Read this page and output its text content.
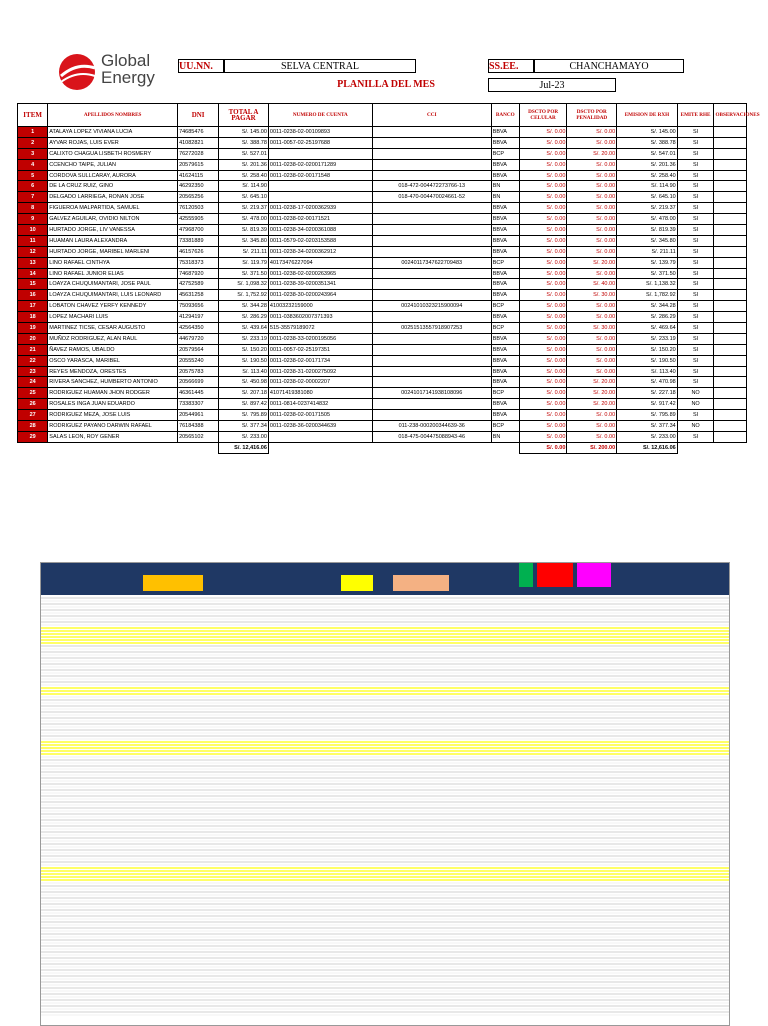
Global
Energy
UU.NN.	SELVA CENTRAL	SS.EE.	CHANCHAMAYO
PLANILLA DEL MES	Jul-23
ITEM	APELLIDOS NOMBRES	DNI	TOTAL A PAGAR	NUMERO DE CUENTA	CCI	BANCO	DSCTO POR CELULAR	DSCTO POR PENALIDAD	EMISION DE RXH	EMITE RHE	OBSERVACIONES
1	ATALAYA LOPEZ VIVIANA LUCIA	74685476	S/. 145.00	0011-0238-02-00109893		BBVA	S/. 0.00	S/. 0.00	S/. 145.00	SI	
2	AYVAR ROJAS, LUIS EVER	41082821	S/. 388.78	0011-0057-02-25197688		BBVA	S/. 0.00	S/. 0.00	S/. 388.78	SI	
3	CALIXTO CHAGUA LISBETH ROSMERY	76272028	S/. 527.01			BCP	S/. 0.00	S/. 20.00	S/. 547.01	SI	
4	CCENCHO TAIPE, JULIAN	20579615	S/. 201.36	0011-0238-02-0200171289		BBVA	S/. 0.00	S/. 0.00	S/. 201.36	SI	
5	CORDOVA SULLCARAY, AURORA	41624115	S/. 258.40	0011-0238-02-00171548		BBVA	S/. 0.00	S/. 0.00	S/. 258.40	SI	
6	DE LA CRUZ RUIZ, GINO	46292350	S/. 114.90		018-472-004472273766-13	BN	S/. 0.00	S/. 0.00	S/. 114.90	SI	
7	DELGADO LARRIEGA, RONAN JOSE	20565256	S/. 645.10		018-470-004470024661-52	BN	S/. 0.00	S/. 0.00	S/. 645.10	SI	
8	FIGUEROA MALPARTIDA, SAMUEL	76120503	S/. 219.37	0011-0238-17-0200362939		BBVA	S/. 0.00	S/. 0.00	S/. 219.37	SI	
9	GALVEZ AGUILAR, OVIDIO NILTON	42555905	S/. 478.00	0011-0238-02-00171521		BBVA	S/. 0.00	S/. 0.00	S/. 478.00	SI	
10	HURTADO JORGE, LIV VANESSA	47968700	S/. 819.39	0011-0238-34-0200361088		BBVA	S/. 0.00	S/. 0.00	S/. 819.39	SI	
11	HUAMAN LAURA ALEXANDRA	73381889	S/. 345.80	0011-0579-02-0203153588		BBVA	S/. 0.00	S/. 0.00	S/. 345.80	SI	
12	HURTADO JORGE, MARIBEL MARLENI	46157626	S/. 211.11	0011-0238-34-0200362912		BBVA	S/. 0.00	S/. 0.00	S/. 211.11	SI	
13	LINO RAFAEL CINTHYA	75318373	S/. 119.79	40173476227094	00240117347622709483	BCP	S/. 0.00	S/. 20.00	S/. 139.79	SI	
14	LINO RAFAEL JUNIOR ELIAS	74687920	S/. 371.50	0011-0238-02-0200263965		BBVA	S/. 0.00	S/. 0.00	S/. 371.50	SI	
15	LOAYZA CHUQUIMANTARI, JOSE PAUL	42752589	S/. 1,098.32	0011-0238-39-0200351341		BBVA	S/. 0.00	S/. 40.00	S/. 1,138.32	SI	
16	LOAYZA CHUQUIMANTARI, LUIS LEONARD	45631258	S/. 1,752.92	0011-0238-30-0200243964		BBVA	S/. 0.00	S/. 30.00	S/. 1,782.92	SI	
17	LOBATON CHAVEZ YERFY KENNEDY	75093656	S/. 344.28	41003232159000	00241010323215900094	BCP	S/. 0.00	S/. 0.00	S/. 344.28	SI	
18	LOPEZ MACHARI LUIS	41294197	S/. 286.29	0011-0383602007371393		BBVA	S/. 0.00	S/. 0.00	S/. 286.29	SI	
19	MARTINEZ TICSE, CESAR AUGUSTO	42564350	S/. 439.64	515-35579189072	00251513557918907253	BCP	S/. 0.00	S/. 30.00	S/. 469.64	SI	
20	MUÑOZ RODRIGUEZ, ALAN RAUL	44679720	S/. 233.19	0011-0238-33-0200195056		BBVA	S/. 0.00	S/. 0.00	S/. 233.19	SI	
21	ÑAVEZ RAMOS, UBALDO	20579564	S/. 150.20	0011-0057-02-25197351		BBVA	S/. 0.00	S/. 0.00	S/. 150.20	SI	
22	OSCO YARASCA, MARIBEL	20555240	S/. 190.50	0011-0238-02-00171734		BBVA	S/. 0.00	S/. 0.00	S/. 190.50	SI	
23	REYES MENDOZA, ORESTES	20575783	S/. 113.40	0011-0238-31-0200275092		BBVA	S/. 0.00	S/. 0.00	S/. 113.40	SI	
24	RIVERA SANCHEZ, HUMBERTO ANTONIO	20566699	S/. 450.98	0011-0238-02-00002207		BBVA	S/. 0.00	S/. 20.00	S/. 470.98	SI	
25	RODRIGUEZ HUAMAN JHON RODGER	46361445	S/. 207.18	41071419381080	00241017141938108096	BCP	S/. 0.00	S/. 20.00	S/. 227.18	NO	
26	ROSALES INGA JUAN EDUARDO	73383307	S/. 897.42	0011-0814-0237414832		BBVA	S/. 0.00	S/. 20.00	S/. 917.42	NO	
27	RODRIGUEZ MEZA, JOSE LUIS	20544961	S/. 795.89	0011-0238-02-00171505		BBVA	S/. 0.00	S/. 0.00	S/. 795.89	SI	
28	RODRIGUEZ PAYANO DARWIN RAFAEL	76184388	S/. 377.34	0011-0238-36-0200344639	011-238-000200344639-36	BCP	S/. 0.00	S/. 0.00	S/. 377.34	NO	
29	SALAS LEON, ROY GENER	20565102	S/. 233.00		018-475-004475088943-46	BN	S/. 0.00	S/. 0.00	S/. 233.00	SI	
			S/. 12,416.06				S/. 0.00	S/. 200.00	S/. 12,616.06		
